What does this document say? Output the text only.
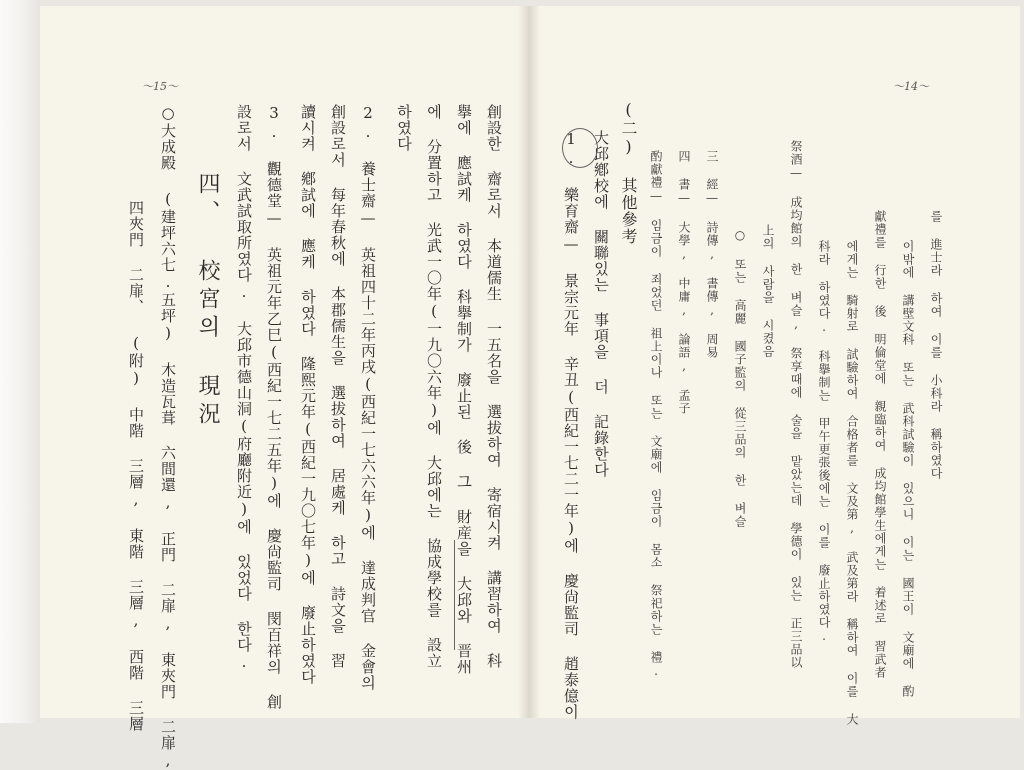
～14～
를 進士라 하여 이를 小科라 稱하였다
이밖에 講壁文科 또는 武科試驗이 있으니 이는 國王이 文廟에 酌
獻禮를 行한 後 明倫堂에 親臨하여 成均館學生에게는 着述로 習武者
에게는 騎射로 試驗하여 合格者를 文及第, 武及第라 稱하여 이를 大
科라 하였다. 科擧制는 甲午更張後에는 이를 廢止하였다.
祭酒— 成均館의 한 벼슬, 祭享때에 술을 맡았는데 學德이 있는 正三品以
上의 사람을 시켰음
○ 또는 高麗 國子監의 從三品의 한 벼슬
三 經— 詩傳, 書傳, 周易
四 書— 大學, 中庸, 論語, 孟子
酌獻禮— 임금이 죄었던 祖上이나 또는 文廟에 임금이 몸소 祭祀하는 禮.
(二) 其他參考
大邱鄕校에 關聯있는 事項을 더 記錄한다
1. 樂育齋— 景宗元年 辛丑(西紀一七二一年)에 慶尙監司 趙泰億이
～15～
創設한 齋로서 本道儒生 一五名을 選拔하여 寄宿시켜 講習하여 科
擧에 應試케 하였다 科擧制가 廢止된 後 그 財産을 大邱와 晋州
에 分置하고 光武一〇年(一九〇六年)에 大邱에는 協成學校를 設立
하였다
2. 養士齋— 英祖四十二年丙戌(西紀一七六六年)에 達成判官 金會의
創設로서 每年春秋에 本郡儒生을 選拔하여 居處케 하고 詩文을 習
讀시켜 鄕試에 應케 하였다 隆熙元年(西紀一九〇七年)에 廢止하였다
3. 觀德堂— 英祖元年乙巳(西紀一七二五年)에 慶尙監司 閔百祥의 創
設로서 文武試取所였다. 大邱市德山洞(府廳附近)에 있었다 한다.
四、 校宮의 現況
○大成殿 (建坪六七.五坪) 木造瓦葺 六間還, 正門 二扉, 東夾門 二扉,
四夾門 二扉、 (附) 中階 三層, 東階 三層, 西階 三層
